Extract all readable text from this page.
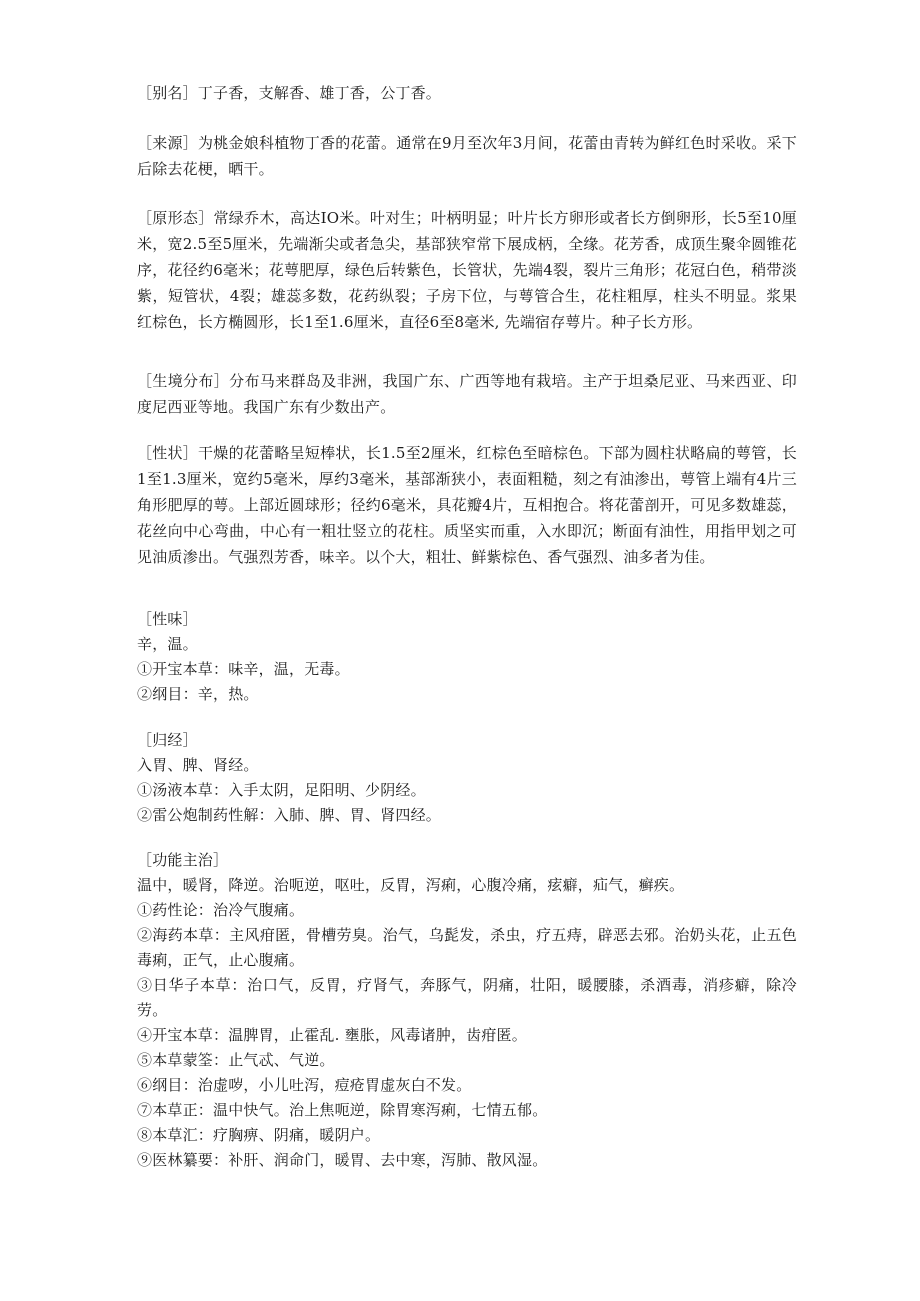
［别名］丁子香，支解香、雄丁香，公丁香。

［来源］为桃金娘科植物丁香的花蕾。通常在9月至次年3月间，花蕾由青转为鲜红色时采收。采下后除去花梗，晒干。

［原形态］常绿乔木，高达IO米。叶对生；叶柄明显；叶片长方卵形或者长方倒卵形，长5至10厘米，宽2.5至5厘米，先端渐尖或者急尖，基部狭窄常下展成柄，全缘。花芳香，成顶生聚伞圆锥花序，花径约6毫米；花萼肥厚，绿色后转紫色，长管状，先端4裂，裂片三角形；花冠白色，稍带淡紫，短管状，4裂；雄蕊多数，花药纵裂；子房下位，与萼管合生，花柱粗厚，柱头不明显。浆果红棕色，长方椭圆形，长1至1.6厘米，直径6至8毫米, 先端宿存萼片。种子长方形。

［生境分布］分布马来群岛及非洲，我国广东、广西等地有栽培。主产于坦桑尼亚、马来西亚、印度尼西亚等地。我国广东有少数出产。

［性状］干燥的花蕾略呈短棒状，长1.5至2厘米，红棕色至暗棕色。下部为圆柱状略扁的萼管，长1至1.3厘米，宽约5毫米，厚约3毫米，基部渐狭小，表面粗糙，刻之有油渗出，萼管上端有4片三角形肥厚的萼。上部近圆球形；径约6毫米，具花瓣4片，互相抱合。将花蕾剖开，可见多数雄蕊，花丝向中心弯曲，中心有一粗壮竖立的花柱。质坚实而重，入水即沉；断面有油性，用指甲划之可见油质渗出。气强烈芳香，味辛。以个大，粗壮、鲜紫棕色、香气强烈、油多者为佳。

［性味］

辛，温。

①开宝本草：味辛，温，无毒。

②纲目：辛，热。

［归经］

入胃、脾、肾经。

①汤液本草：入手太阴，足阳明、少阴经。

②雷公炮制药性解：入肺、脾、胃、肾四经。

［功能主治］

温中，暖肾，降逆。治呃逆，呕吐，反胃，泻痢，心腹冷痛，痃癖，疝气，癣疾。

①药性论：治冷气腹痛。

②海药本草：主风疳匿，骨槽劳臭。治气，乌髭发，杀虫，疗五痔，辟恶去邪。治奶头花，止五色毒痢，正气，止心腹痛。

③日华子本草：治口气，反胃，疗肾气，奔豚气，阴痛，壮阳，暖腰膝，杀酒毒，消疹癖，除冷劳。

④开宝本草：温脾胃，止霍乱. 壅胀，风毒诸肿，齿疳匿。

⑤本草蒙筌：止气忒、气逆。

⑥纲目：治虚哕，小儿吐泻，痘疮胃虚灰白不发。

⑦本草正：温中快气。治上焦呃逆，除胃寒泻痢，七情五郁。

⑧本草汇：疗胸痹、阴痛，暖阴户。

⑨医林纂要：补肝、润命门，暖胃、去中寒，泻肺、散风湿。
